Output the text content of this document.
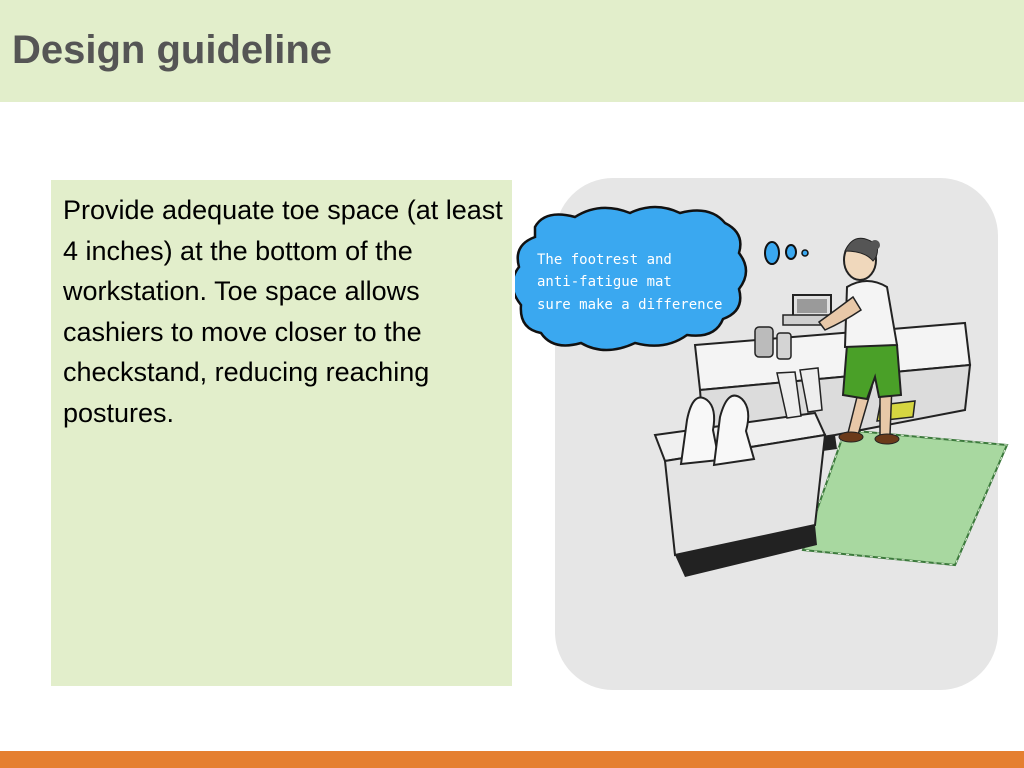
Design guideline

Provide adequate toe space (at least 4 inches) at the bottom of the workstation. Toe space allows cashiers to move closer to the checkstand, reducing reaching postures.

The footrest and
anti-fatigue mat
sure make a difference
